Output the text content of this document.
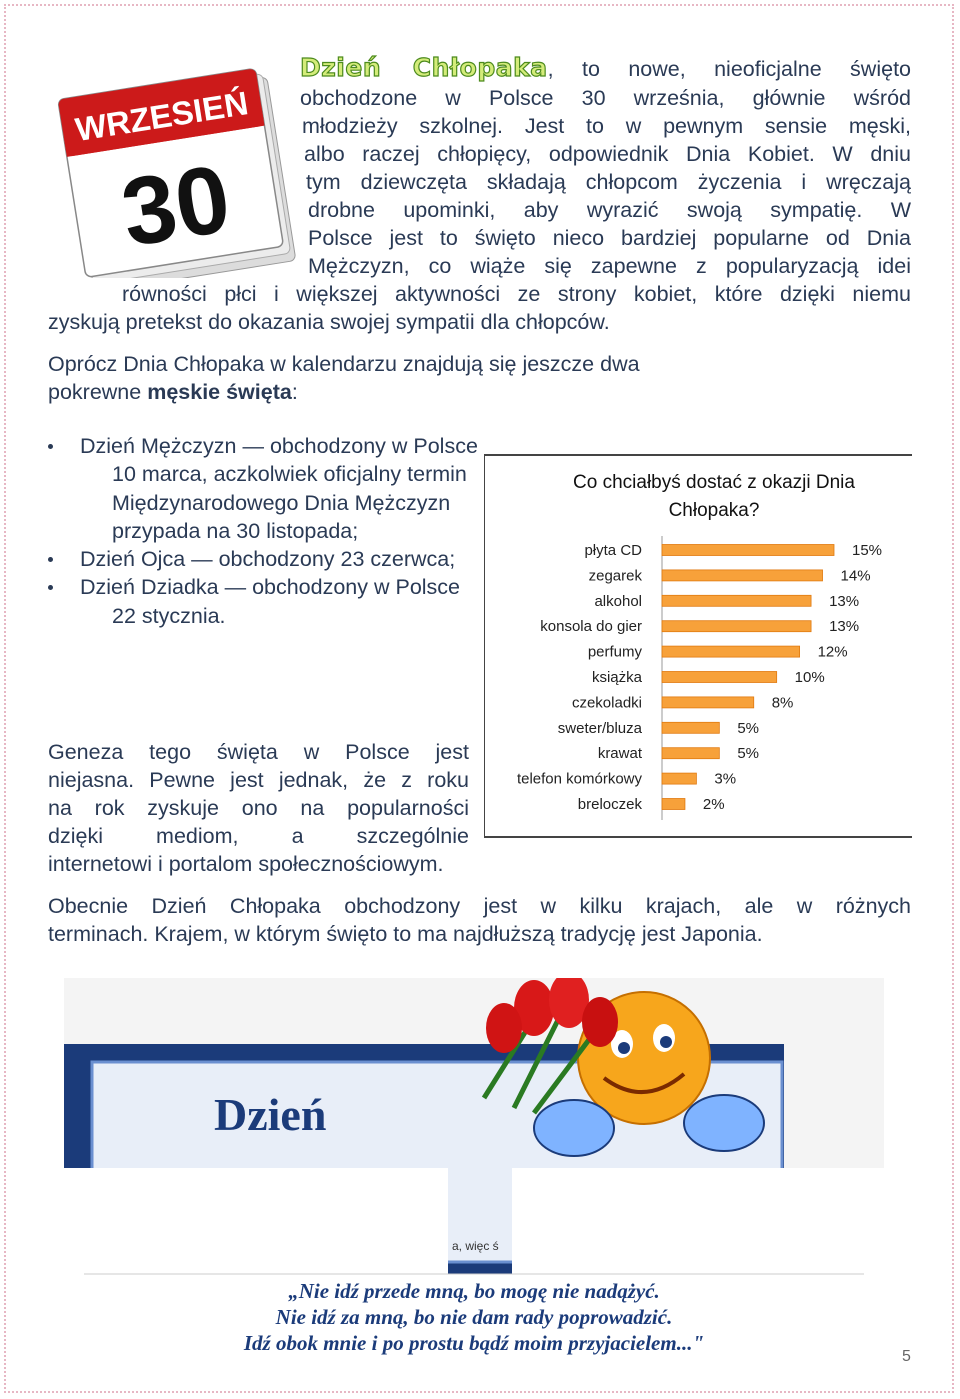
WRZESIEŃ
30
Dzień Chłopaka, to nowe, nieoficjalne święto
obchodzone w Polsce 30 września, głównie wśród
młodzieży szkolnej. Jest to w pewnym sensie męski,
albo raczej chłopięcy, odpowiednik Dnia Kobiet. W dniu
tym dziewczęta składają chłopcom życzenia i wręczają
drobne upominki, aby wyrazić swoją sympatię. W
Polsce jest to święto nieco bardziej popularne od Dnia
Mężczyzn, co wiąże się zapewne z popularyzacją idei
równości płci i większej aktywności ze strony kobiet, które dzięki niemu
zyskują pretekst do okazania swojej sympatii dla chłopców.
Oprócz Dnia Chłopaka w kalendarzu znajdują się jeszcze dwa
pokrewne męskie święta:
Dzień Mężczyzn — obchodzony w Polsce 10 marca, aczkolwiek oficjalny termin Międzynarodowego Dnia Mężczyzn przypada na 30 listopada;
Dzień Ojca — obchodzony 23 czerwca;
Dzień Dziadka — obchodzony w Polsce 22 stycznia.
Geneza tego święta w Polsce jest
niejasna. Pewne jest jednak, że z roku
na rok zyskuje ono na popularności
dzięki mediom, a szczególnie
internetowi i portalom społecznościowym.
Co chciałbyś dostać z okazji Dnia
Chłopaka?
płyta CD	15%
zegarek	14%
alkohol	13%
konsola do gier	13%
perfumy	12%
książka	10%
czekoladki	8%
sweter/bluza	5%
krawat	5%
telefon komórkowy	3%
breloczek	2%
Obecnie Dzień Chłopaka obchodzony jest w kilku krajach, ale w różnych
terminach. Krajem, w którym święto to ma najdłuższą tradycję jest Japonia.
Dzień
a, więc ś
„Nie idź przede mną, bo mogę nie nadążyć.
Nie idź za mną, bo nie dam rady poprowadzić.
Idź obok mnie i po prostu bądź moim przyjacielem..."
5
